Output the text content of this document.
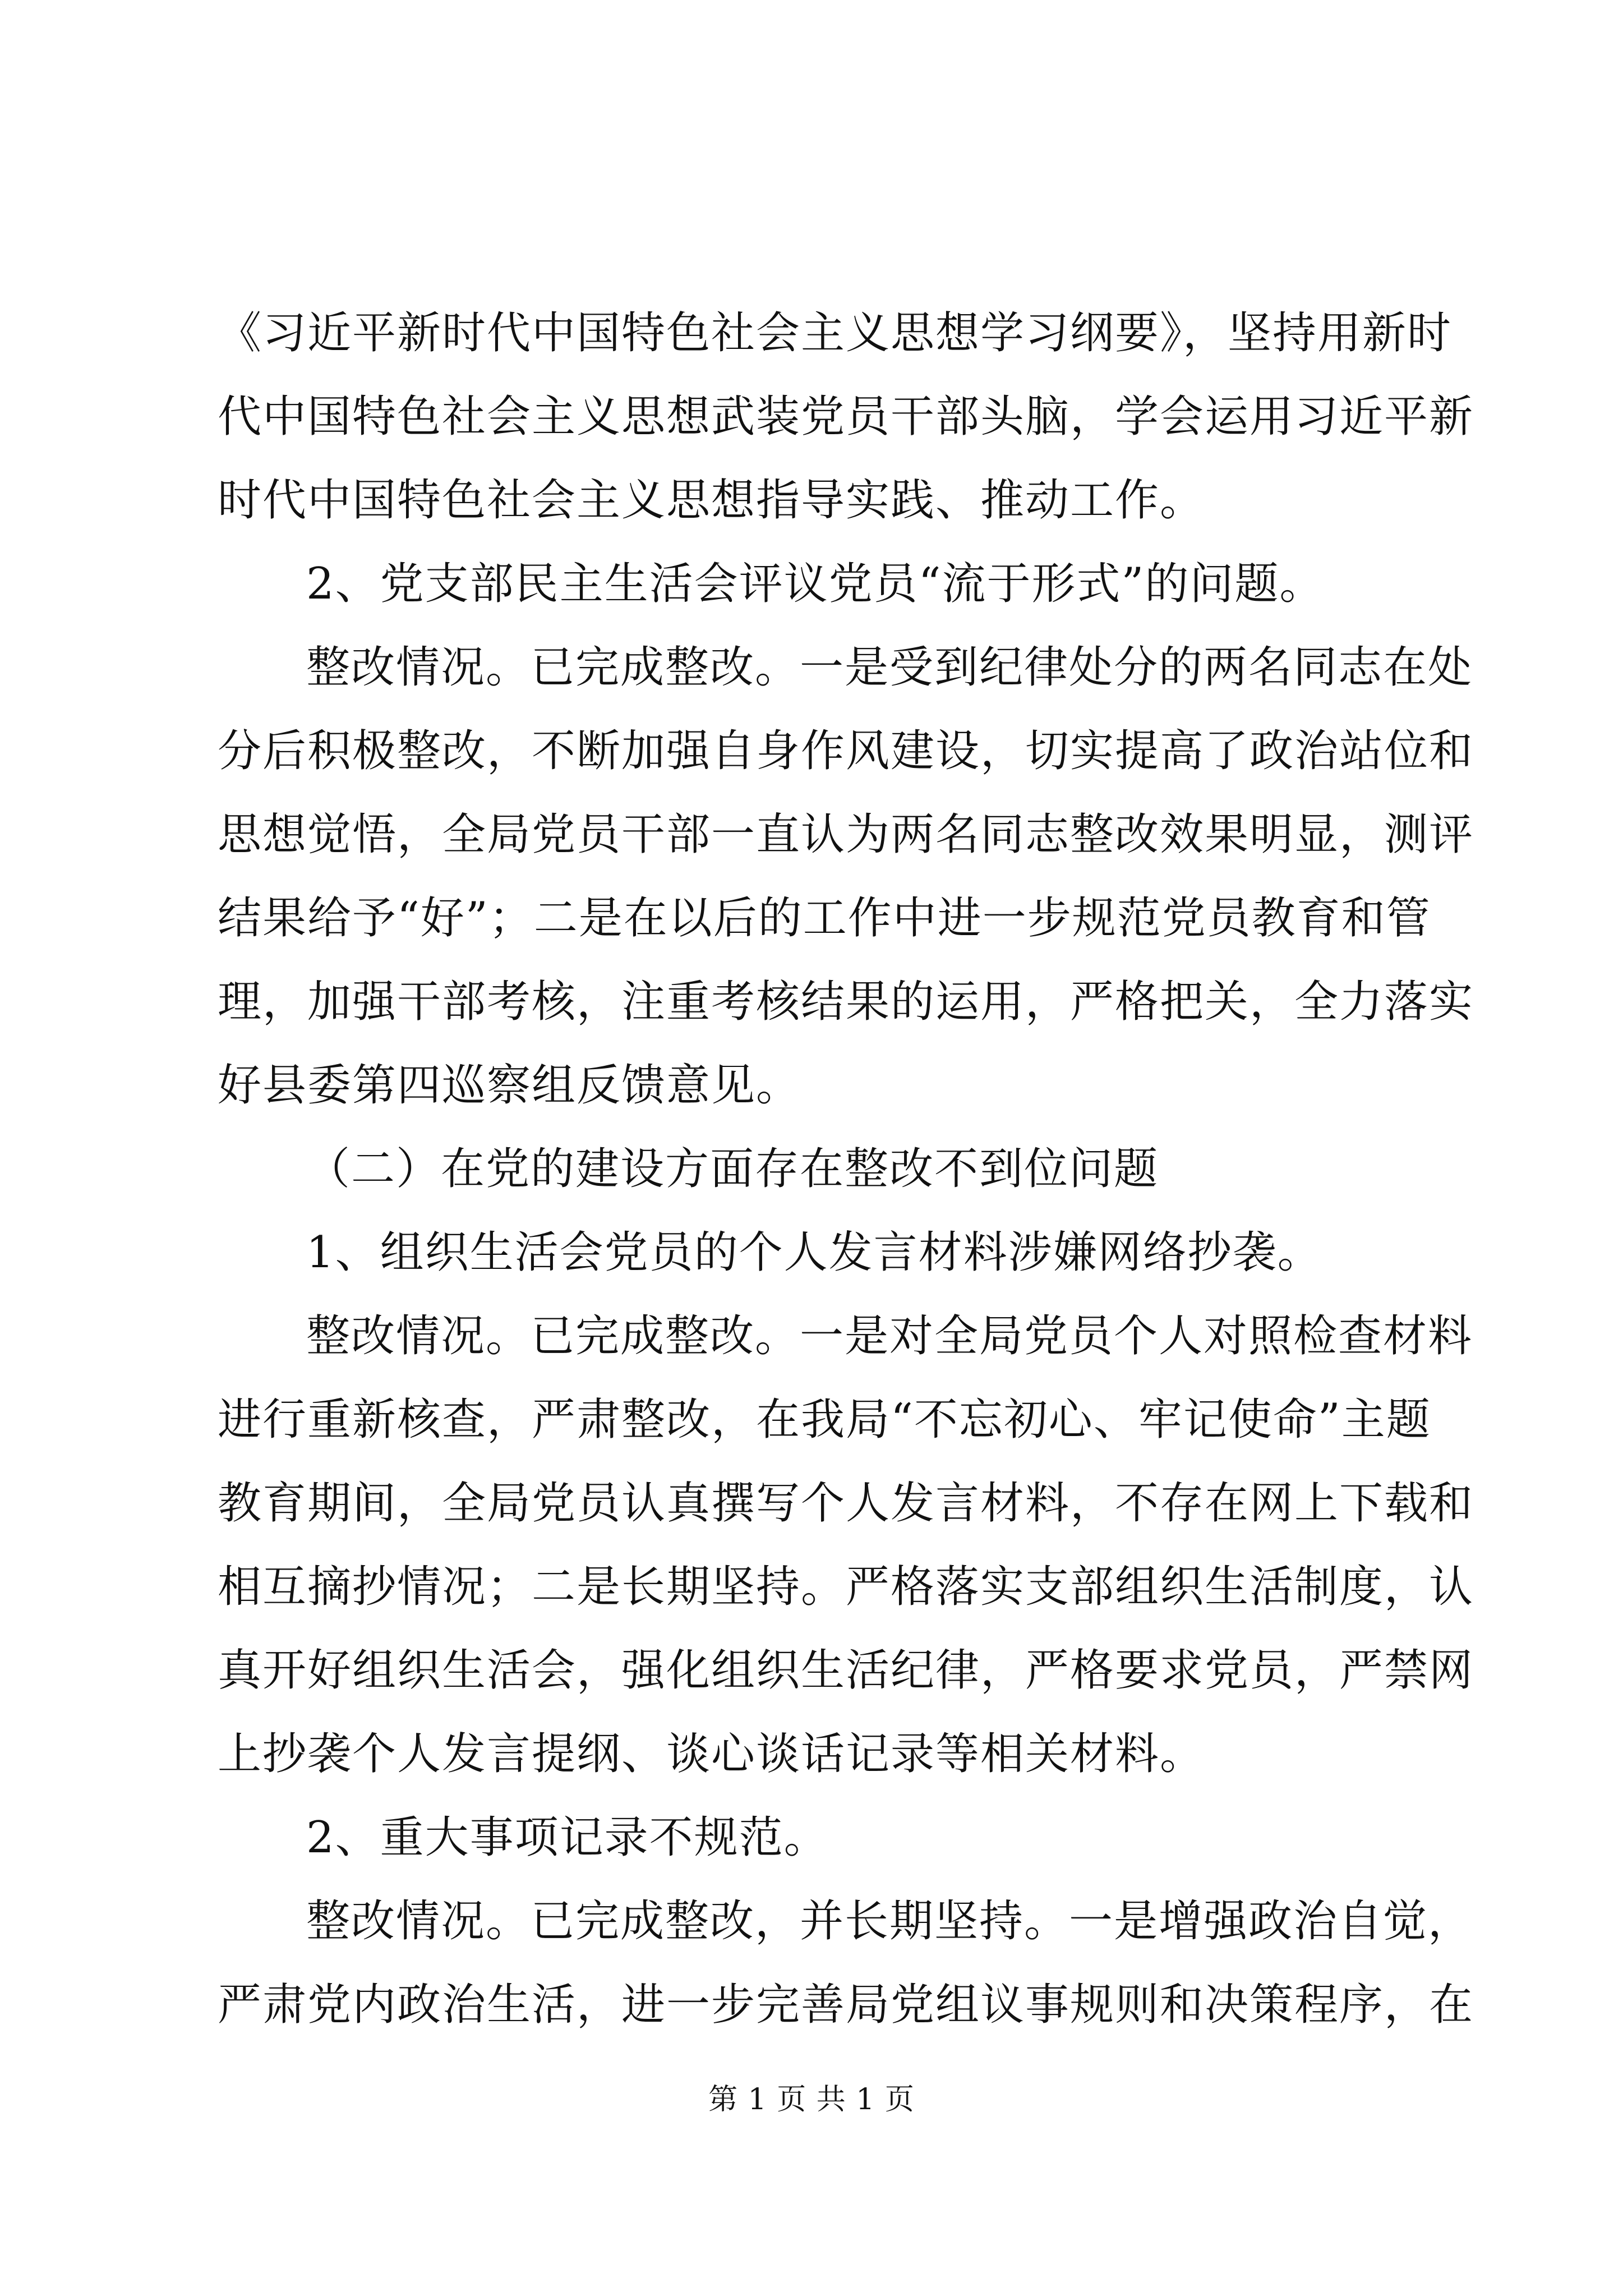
《习近平新时代中国特色社会主义思想学习纲要》，坚持用新时
代中国特色社会主义思想武装党员干部头脑，学会运用习近平新
时代中国特色社会主义思想指导实践、推动工作。
2、党支部民主生活会评议党员“流于形式”的问题。
整改情况。已完成整改。一是受到纪律处分的两名同志在处
分后积极整改，不断加强自身作风建设，切实提高了政治站位和
思想觉悟，全局党员干部一直认为两名同志整改效果明显，测评
结果给予“好”；二是在以后的工作中进一步规范党员教育和管
理，加强干部考核，注重考核结果的运用，严格把关，全力落实
好县委第四巡察组反馈意见。
（二）在党的建设方面存在整改不到位问题
1、组织生活会党员的个人发言材料涉嫌网络抄袭。
整改情况。已完成整改。一是对全局党员个人对照检查材料
进行重新核查，严肃整改，在我局“不忘初心、牢记使命”主题
教育期间，全局党员认真撰写个人发言材料，不存在网上下载和
相互摘抄情况；二是长期坚持。严格落实支部组织生活制度，认
真开好组织生活会，强化组织生活纪律，严格要求党员，严禁网
上抄袭个人发言提纲、谈心谈话记录等相关材料。
2、重大事项记录不规范。
整改情况。已完成整改，并长期坚持。一是增强政治自觉，
严肃党内政治生活，进一步完善局党组议事规则和决策程序，在
第 1 页 共 1 页
